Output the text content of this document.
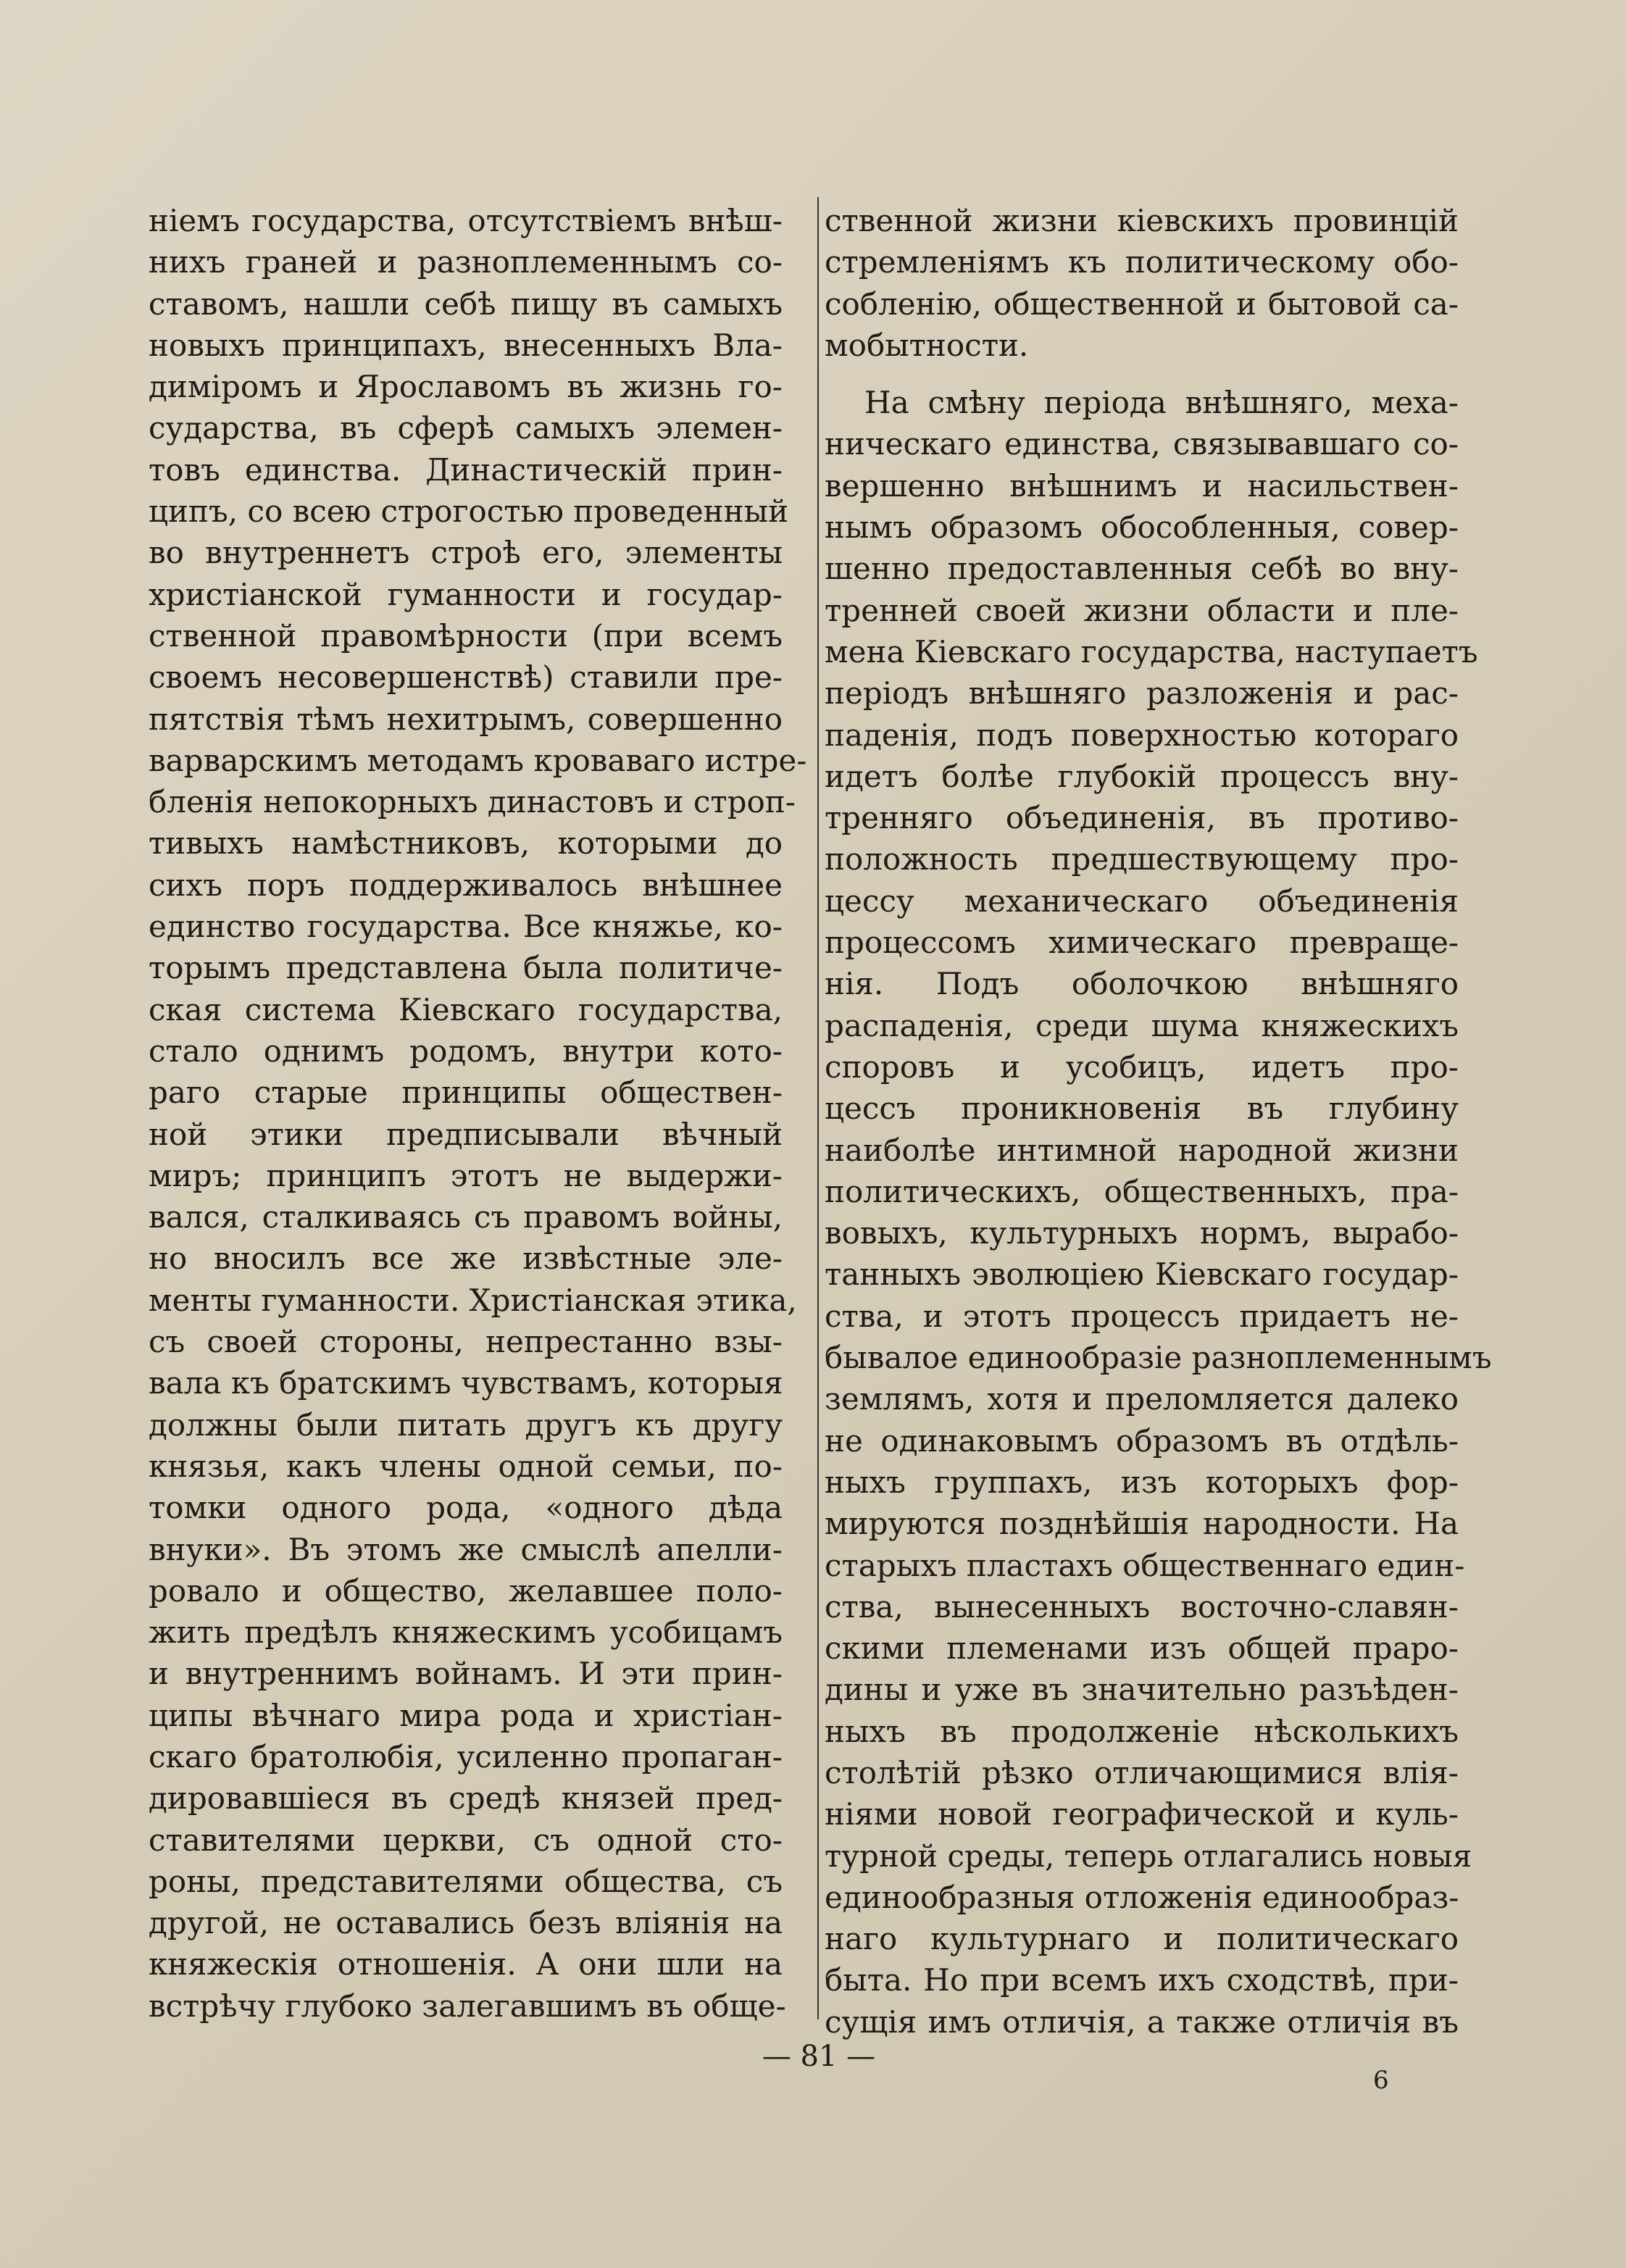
нiемъ государства, отсутствiемъ внѣш-
нихъ граней и разноплеменнымъ со-
ставомъ, нашли себѣ пищу въ самыхъ
новыхъ принципахъ, внесенныхъ Вла-
димiромъ и Ярославомъ въ жизнь го-
сударства, въ сферѣ самыхъ элемен-
товъ единства. Династическiй прин-
ципъ, со всею строгостью проведенный
во внутреннетъ строѣ его, элементы
христiанской гуманности и государ-
ственной правомѣрности (при всемъ
своемъ несовершенствѣ) ставили пре-
пятствiя тѣмъ нехитрымъ, совершенно
варварскимъ методамъ кроваваго истре-
бленiя непокорныхъ династовъ и строп-
тивыхъ намѣстниковъ, которыми до
сихъ поръ поддерживалось внѣшнее
единство государства. Все княжье, ко-
торымъ представлена была политиче-
ская система Кiевскаго государства,
стало однимъ родомъ, внутри кото-
раго старые принципы обществен-
ной этики предписывали вѣчный
миръ; принципъ этотъ не выдержи-
вался, сталкиваясь съ правомъ войны,
но вносилъ все же извѣстные эле-
менты гуманности. Христiанская этика,
съ своей стороны, непрестанно взы-
вала къ братскимъ чувствамъ, которыя
должны были питать другъ къ другу
князья, какъ члены одной семьи, по-
томки одного рода, «одного дѣда
внуки». Въ этомъ же смыслѣ апелли-
ровало и общество, желавшее поло-
жить предѣлъ княжескимъ усобицамъ
и внутреннимъ войнамъ. И эти прин-
ципы вѣчнаго мира рода и христiан-
скаго братолюбiя, усиленно пропаган-
дировавшiеся въ средѣ князей пред-
ставителями церкви, съ одной сто-
роны, представителями общества, съ
другой, не оставались безъ влiянiя на
княжескiя отношенiя. А они шли на
встрѣчу глубоко залегавшимъ въ обще-
ственной жизни кiевскихъ провинцiй
стремленiямъ къ политическому обо-
собленiю, общественной и бытовой са-
мобытности.
На смѣну перiода внѣшняго, меха-
ническаго единства, связывавшаго со-
вершенно внѣшнимъ и насильствен-
нымъ образомъ обособленныя, совер-
шенно предоставленныя себѣ во вну-
тренней своей жизни области и пле-
мена Кiевскаго государства, наступаетъ
перiодъ внѣшняго разложенiя и рас-
паденiя, подъ поверхностью котораго
идетъ болѣе глубокiй процессъ вну-
тренняго объединенiя, въ противо-
положность предшествующему про-
цессу механическаго объединенiя
процессомъ химическаго превраще-
нiя. Подъ оболочкою внѣшняго
распаденiя, среди шума княжескихъ
споровъ и усобицъ, идетъ про-
цессъ проникновенiя въ глубину
наиболѣе интимной народной жизни
политическихъ, общественныхъ, пра-
вовыхъ, культурныхъ нормъ, вырабо-
танныхъ эволюцiею Кiевскаго государ-
ства, и этотъ процессъ придаетъ не-
бывалое единообразiе разноплеменнымъ
землямъ, хотя и преломляется далеко
не одинаковымъ образомъ въ отдѣль-
ныхъ группахъ, изъ которыхъ фор-
мируются позднѣйшiя народности. На
старыхъ пластахъ общественнаго един-
ства, вынесенныхъ восточно-славян-
скими племенами изъ общей праро-
дины и уже въ значительно разъѣден-
ныхъ въ продолженiе нѣсколькихъ
столѣтiй рѣзко отличающимися влiя-
нiями новой географической и куль-
турной среды, теперь отлагались новыя
единообразныя отложенiя единообраз-
наго культурнаго и политическаго
быта. Но при всемъ ихъ сходствѣ, при-
сущiя имъ отличiя, а также отличiя въ
— 81 —
6
